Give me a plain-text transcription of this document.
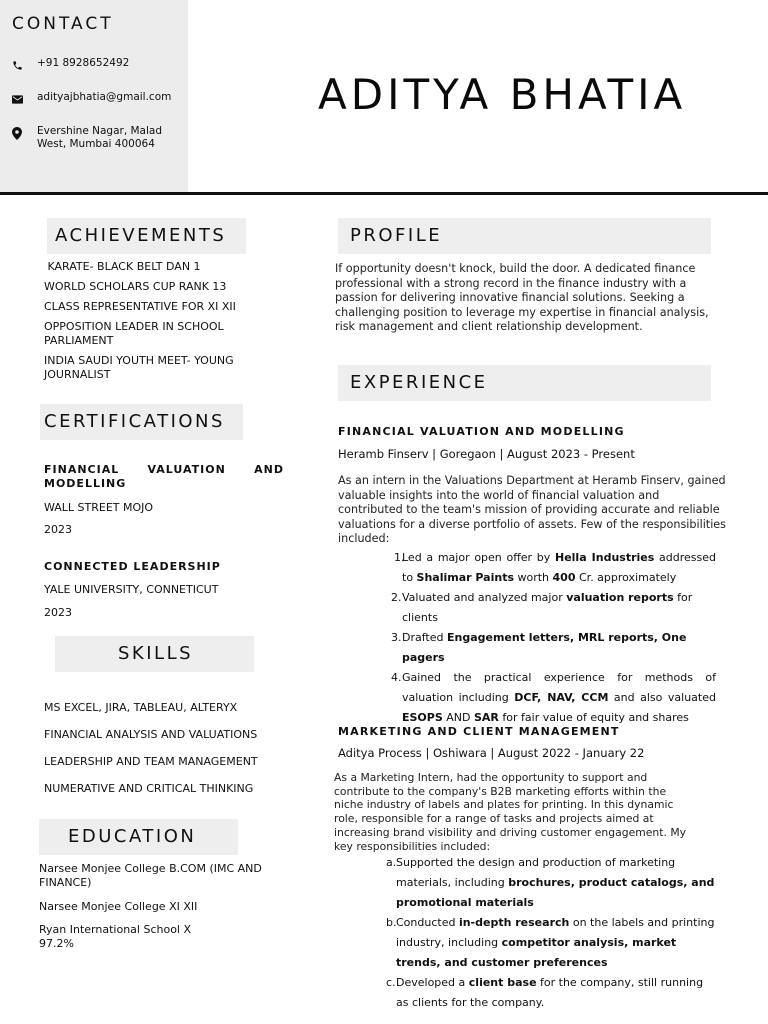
CONTACT
+91 8928652492
adityajbhatia@gmail.com
Evershine Nagar, Malad West, Mumbai 400064
ADITYA BHATIA
ACHIEVEMENTS
KARATE- BLACK BELT DAN 1
WORLD SCHOLARS CUP RANK 13
CLASS REPRESENTATIVE FOR XI XII
OPPOSITION LEADER IN SCHOOL PARLIAMENT
INDIA SAUDI YOUTH MEET- YOUNG JOURNALIST
CERTIFICATIONS
FINANCIAL VALUATION AND MODELLING
WALL STREET MOJO
2023
CONNECTED LEADERSHIP
YALE UNIVERSITY, CONNETICUT
2023
SKILLS
MS EXCEL, JIRA, TABLEAU, ALTERYX
FINANCIAL ANALYSIS AND VALUATIONS
LEADERSHIP AND TEAM MANAGEMENT
NUMERATIVE AND CRITICAL THINKING
EDUCATION
Narsee Monjee College B.COM (IMC AND FINANCE)
Narsee Monjee College XI XII
Ryan International School X 97.2%
PROFILE
If opportunity doesn't knock, build the door. A dedicated finance professional with a strong record in the finance industry with a passion for delivering innovative financial solutions. Seeking a challenging position to leverage my expertise in financial analysis, risk management and client relationship development.
EXPERIENCE
FINANCIAL VALUATION AND MODELLING
Heramb Finserv | Goregaon | August 2023 - Present
As an intern in the Valuations Department at Heramb Finserv, gained valuable insights into the world of financial valuation and contributed to the team's mission of providing accurate and reliable valuations for a diverse portfolio of assets. Few of the responsibilities included:
1.
Led a major open offer by Hella Industries addressed to Shalimar Paints worth 400 Cr. approximately
2. Valuated and analyzed major valuation reports for clients
3. Drafted Engagement letters, MRL reports, One pagers
4. Gained the practical experience for methods of valuation including DCF, NAV, CCM and also valuated ESOPS AND SAR for fair value of equity and shares
MARKETING AND CLIENT MANAGEMENT
Aditya Process | Oshiwara | August 2022 - January 22
As a Marketing Intern, had the opportunity to support and contribute to the company's B2B marketing efforts within the niche industry of labels and plates for printing. In this dynamic role, responsible for a range of tasks and projects aimed at increasing brand visibility and driving customer engagement. My key responsibilities included:
a. Supported the design and production of marketing materials, including brochures, product catalogs, and promotional materials
b. Conducted in-depth research on the labels and printing industry, including competitor analysis, market trends, and customer preferences
c. Developed a client base for the company, still running as clients for the company.
